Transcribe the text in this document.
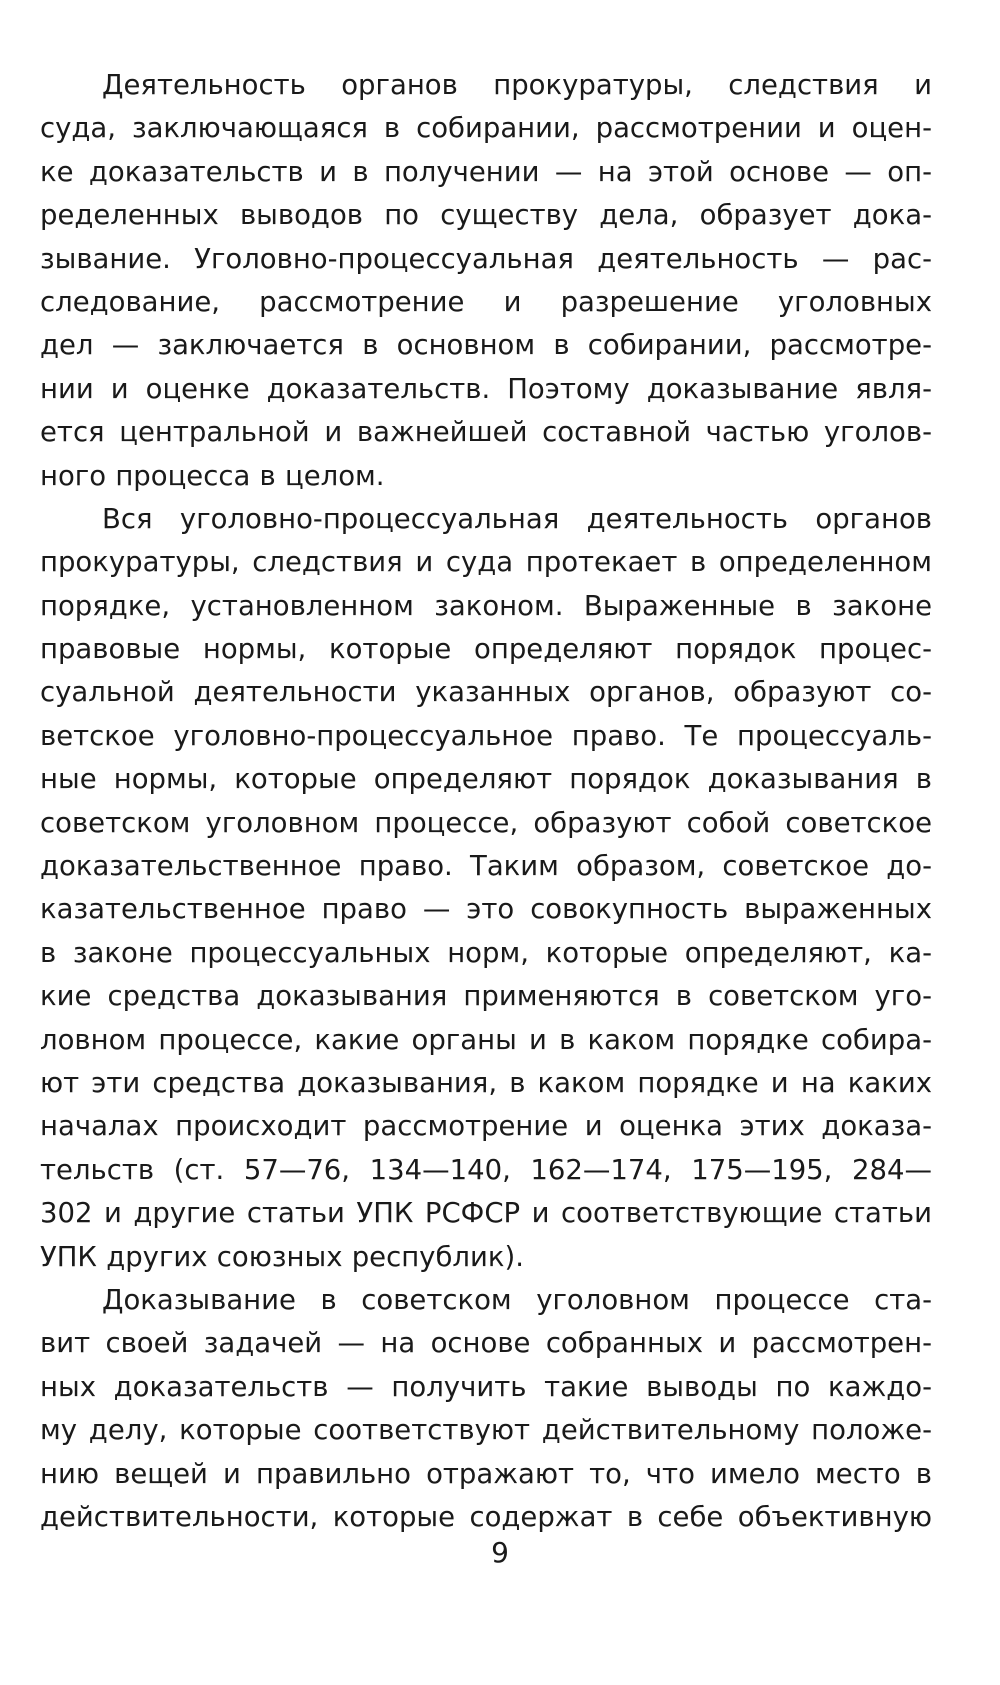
Деятельность органов прокуратуры, следствия и
суда, заключающаяся в собирании, рассмотрении и оцен-
ке доказательств и в получении — на этой основе — оп-
ределенных выводов по существу дела, образует дока-
зывание. Уголовно-процессуальная деятельность — рас-
следование, рассмотрение и разрешение уголовных
дел — заключается в основном в собирании, рассмотре-
нии и оценке доказательств. Поэтому доказывание явля-
ется центральной и важнейшей составной частью уголов-
ного процесса в целом.
Вся уголовно-процессуальная деятельность органов
прокуратуры, следствия и суда протекает в определенном
порядке, установленном законом. Выраженные в законе
правовые нормы, которые определяют порядок процес-
суальной деятельности указанных органов, образуют со-
ветское уголовно-процессуальное право. Те процессуаль-
ные нормы, которые определяют порядок доказывания в
советском уголовном процессе, образуют собой советское
доказательственное право. Таким образом, советское до-
казательственное право — это совокупность выраженных
в законе процессуальных норм, которые определяют, ка-
кие средства доказывания применяются в советском уго-
ловном процессе, какие органы и в каком порядке собира-
ют эти средства доказывания, в каком порядке и на каких
началах происходит рассмотрение и оценка этих доказа-
тельств (ст. 57—76, 134—140, 162—174, 175—195, 284—
302 и другие статьи УПК РСФСР и соответствующие статьи
УПК других союзных республик).
Доказывание в советском уголовном процессе ста-
вит своей задачей — на основе собранных и рассмотрен-
ных доказательств — получить такие выводы по каждо-
му делу, которые соответствуют действительному положе-
нию вещей и правильно отражают то, что имело место в
действительности, которые содержат в себе объективную
9
